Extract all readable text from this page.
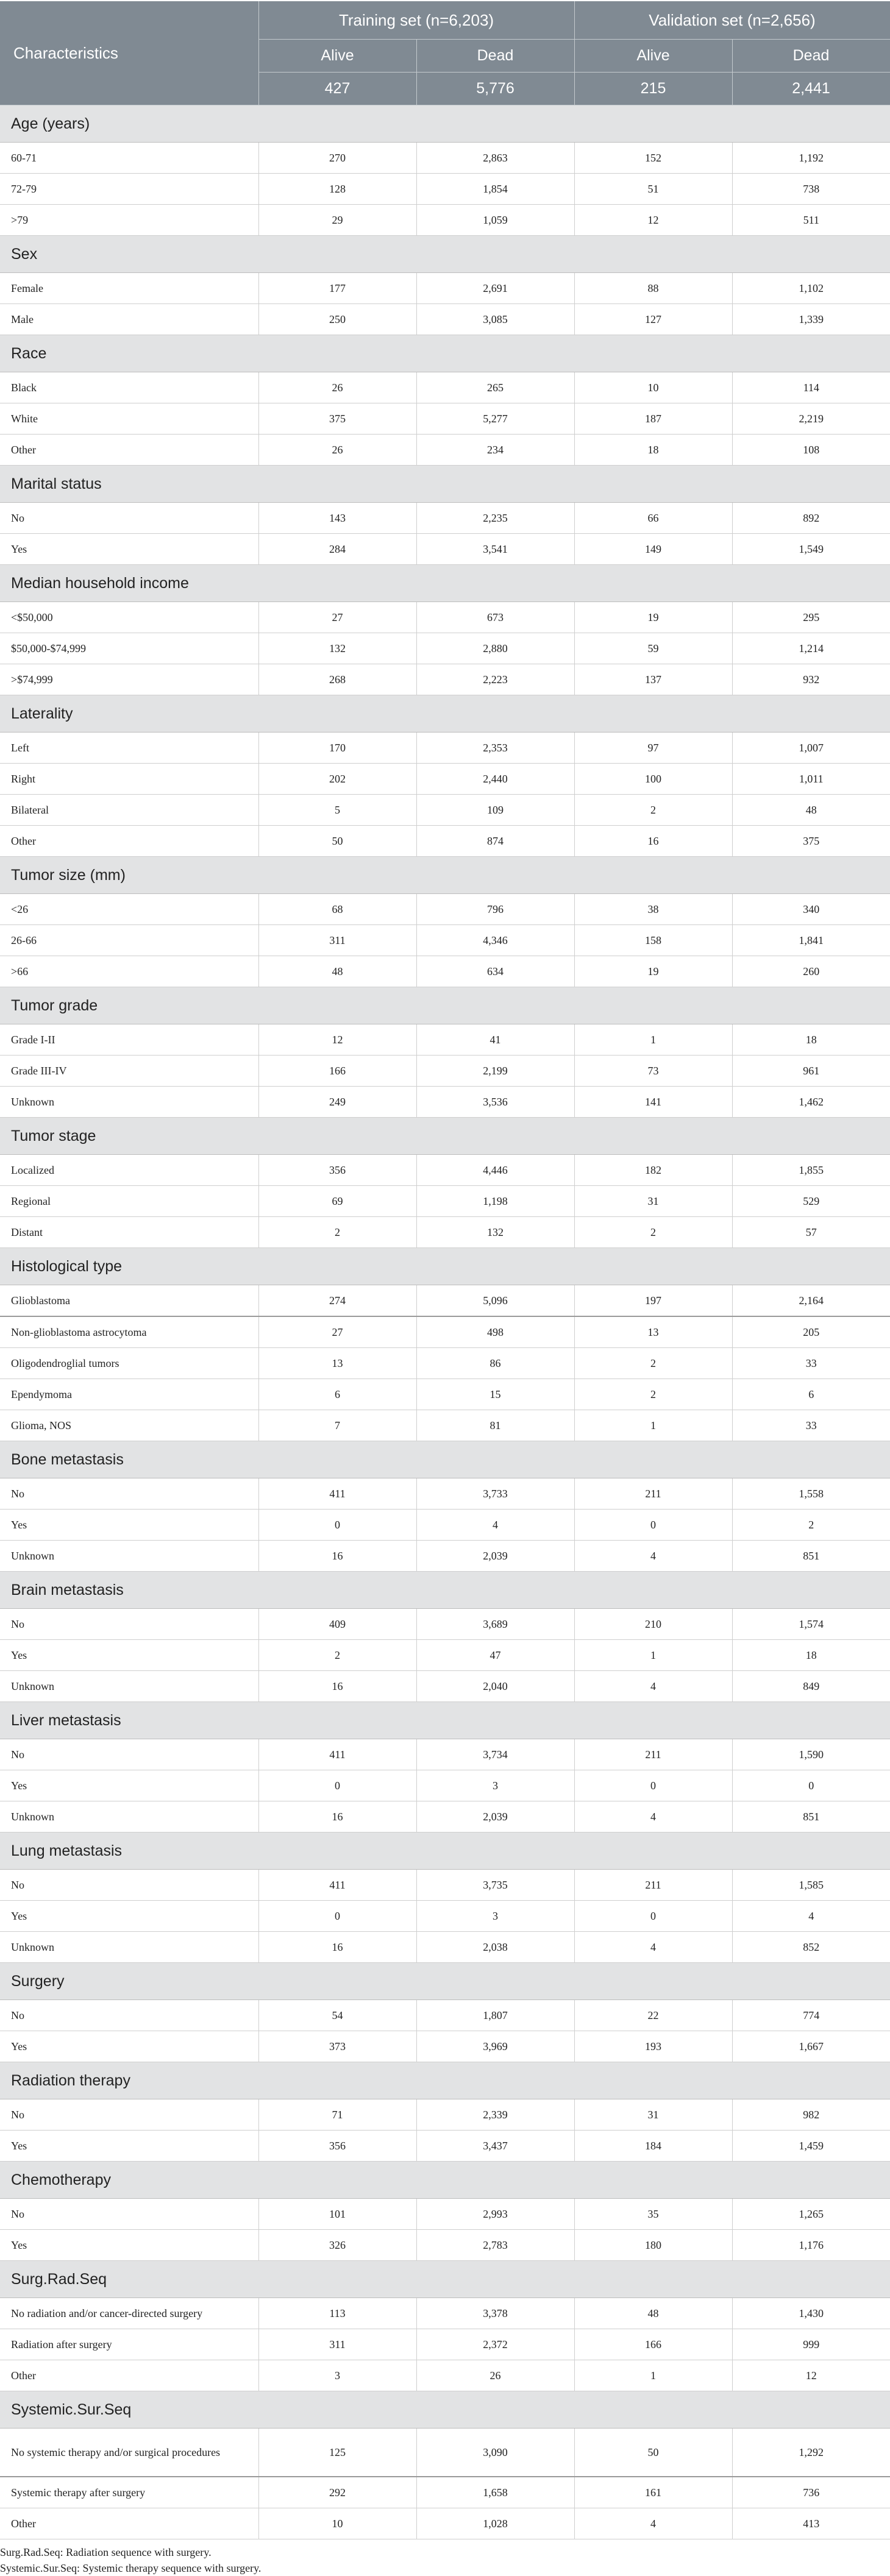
Characteristics	Training set (n=6,203)		Validation set (n=2,656)	
	Alive	Dead	Alive	Dead
	427	5,776	215	2,441
Age (years)				
60-71	270	2,863	152	1,192
72-79	128	1,854	51	738
>79	29	1,059	12	511
Sex				
Female	177	2,691	88	1,102
Male	250	3,085	127	1,339
Race				
Black	26	265	10	114
White	375	5,277	187	2,219
Other	26	234	18	108
Marital status				
No	143	2,235	66	892
Yes	284	3,541	149	1,549
Median household income				
<$50,000	27	673	19	295
$50,000-$74,999	132	2,880	59	1,214
>$74,999	268	2,223	137	932
Laterality				
Left	170	2,353	97	1,007
Right	202	2,440	100	1,011
Bilateral	5	109	2	48
Other	50	874	16	375
Tumor size (mm)				
<26	68	796	38	340
26-66	311	4,346	158	1,841
>66	48	634	19	260
Tumor grade				
Grade I-II	12	41	1	18
Grade III-IV	166	2,199	73	961
Unknown	249	3,536	141	1,462
Tumor stage				
Localized	356	4,446	182	1,855
Regional	69	1,198	31	529
Distant	2	132	2	57
Histological type				
Glioblastoma	274	5,096	197	2,164
Non-glioblastoma astrocytoma	27	498	13	205
Oligodendroglial tumors	13	86	2	33
Ependymoma	6	15	2	6
Glioma, NOS	7	81	1	33
Bone metastasis				
No	411	3,733	211	1,558
Yes	0	4	0	2
Unknown	16	2,039	4	851
Brain metastasis				
No	409	3,689	210	1,574
Yes	2	47	1	18
Unknown	16	2,040	4	849
Liver metastasis				
No	411	3,734	211	1,590
Yes	0	3	0	0
Unknown	16	2,039	4	851
Lung metastasis				
No	411	3,735	211	1,585
Yes	0	3	0	4
Unknown	16	2,038	4	852
Surgery				
No	54	1,807	22	774
Yes	373	3,969	193	1,667
Radiation therapy				
No	71	2,339	31	982
Yes	356	3,437	184	1,459
Chemotherapy				
No	101	2,993	35	1,265
Yes	326	2,783	180	1,176
Surg.Rad.Seq				
No radiation and/or cancer-directed surgery	113	3,378	48	1,430
Radiation after surgery	311	2,372	166	999
Other	3	26	1	12
Systemic.Sur.Seq				
No systemic therapy and/or surgical procedures	125	3,090	50	1,292
Systemic therapy after surgery	292	1,658	161	736
Other	10	1,028	4	413
Surg.Rad.Seq: Radiation sequence with surgery.
Systemic.Sur.Seq: Systemic therapy sequence with surgery.
